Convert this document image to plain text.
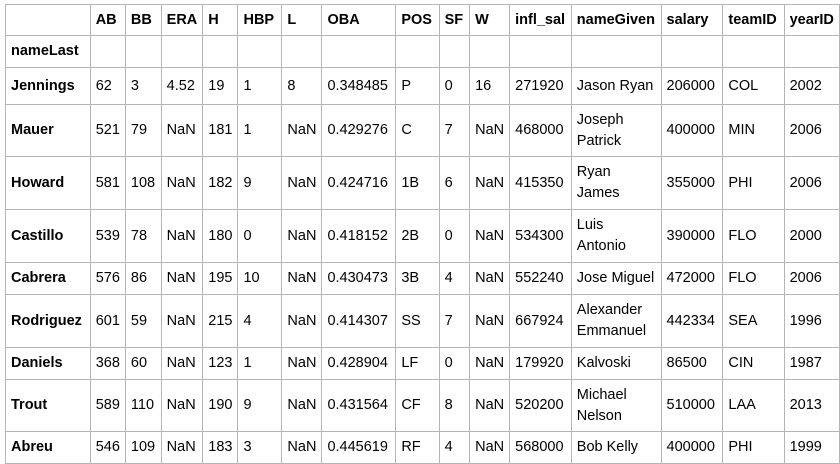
	AB	BB	ERA	H	HBP	L	OBA	POS	SF	W	infl_sal	nameGiven	salary	teamID	yearID
nameLast															
Jennings	62	3	4.52	19	1	8	0.348485	P	0	16	271920	Jason Ryan	206000	COL	2002
Mauer	521	79	NaN	181	1	NaN	0.429276	C	7	NaN	468000	Joseph Patrick	400000	MIN	2006
Howard	581	108	NaN	182	9	NaN	0.424716	1B	6	NaN	415350	Ryan James	355000	PHI	2006
Castillo	539	78	NaN	180	0	NaN	0.418152	2B	0	NaN	534300	Luis Antonio	390000	FLO	2000
Cabrera	576	86	NaN	195	10	NaN	0.430473	3B	4	NaN	552240	Jose Miguel	472000	FLO	2006
Rodriguez	601	59	NaN	215	4	NaN	0.414307	SS	7	NaN	667924	Alexander Emmanuel	442334	SEA	1996
Daniels	368	60	NaN	123	1	NaN	0.428904	LF	0	NaN	179920	Kalvoski	86500	CIN	1987
Trout	589	110	NaN	190	9	NaN	0.431564	CF	8	NaN	520200	Michael Nelson	510000	LAA	2013
Abreu	546	109	NaN	183	3	NaN	0.445619	RF	4	NaN	568000	Bob Kelly	400000	PHI	1999
